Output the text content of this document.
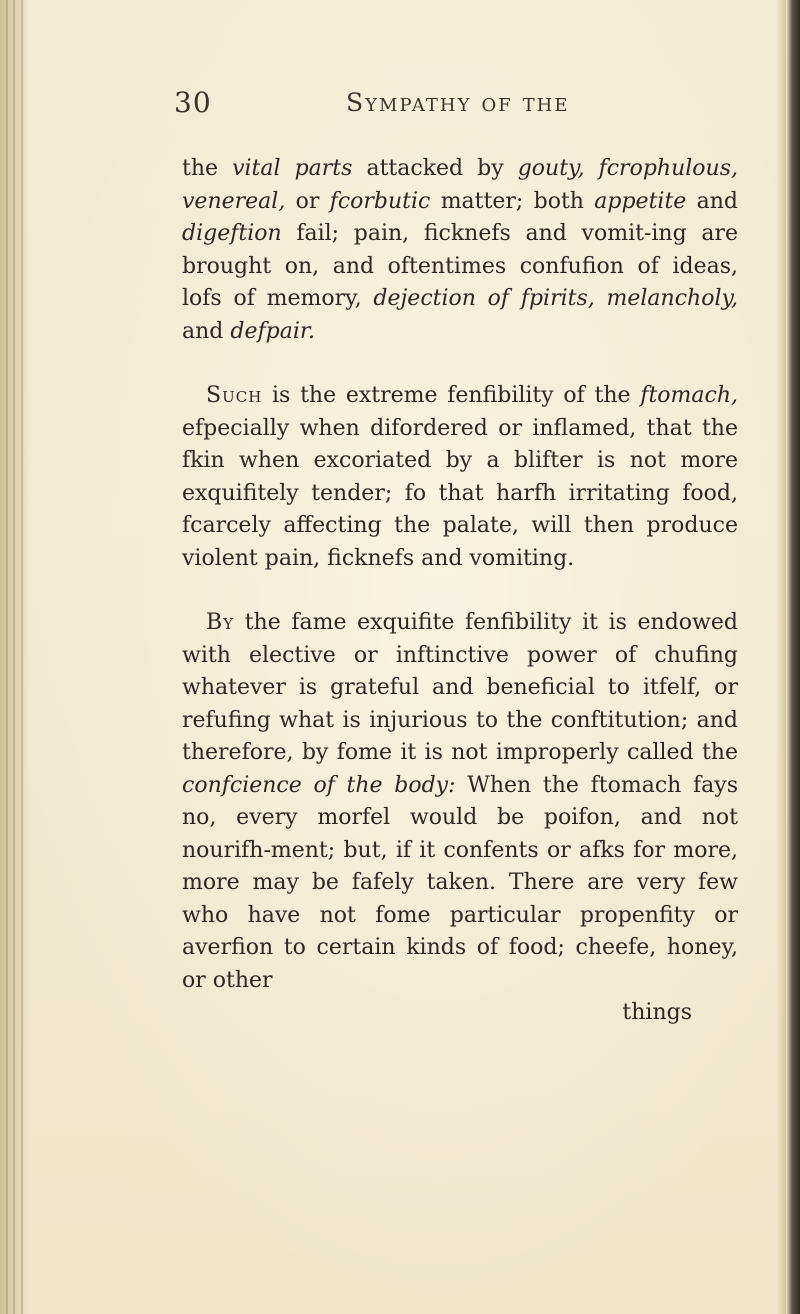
30	Sympathy of the

the vital parts attacked by gouty, fcrophulous, venereal, or fcorbutic matter; both appetite and digeftion fail; pain, ficknefs and vomit-ing are brought on, and oftentimes confufion of ideas, lofs of memory, dejection of fpirits, melancholy, and defpair.

Such is the extreme fenfibility of the ftomach, efpecially when difordered or inflamed, that the fkin when excoriated by a blifter is not more exquifitely tender; fo that harfh irritating food, fcarcely affecting the palate, will then produce violent pain, ficknefs and vomiting.

By the fame exquifite fenfibility it is endowed with elective or inftinctive power of chufing whatever is grateful and beneficial to itfelf, or refufing what is injurious to the conftitution; and therefore, by fome it is not improperly called the confcience of the body: When the ftomach fays no, every morfel would be poifon, and not nourifh-ment; but, if it confents or afks for more, more may be fafely taken. There are very few who have not fome particular propenfity or averfion to certain kinds of food; cheefe, honey, or other

things
